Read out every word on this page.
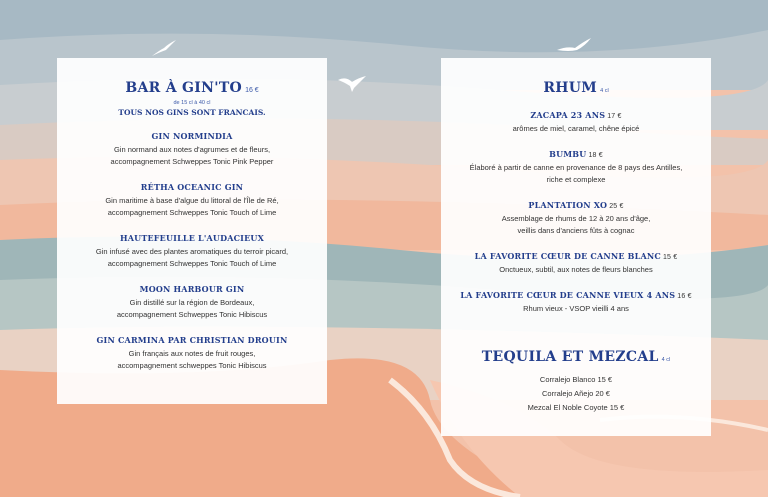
BAR À GIN'TO 16 €
de 15 cl à 40 cl
TOUS NOS GINS SONT FRANCAIS.
GIN NORMINDIA
Gin normand aux notes d'agrumes et de fleurs,
accompagnement Schweppes Tonic Pink Pepper
RÉTHA OCEANIC GIN
Gin maritime à base d'algue du littoral de l'Île de Ré,
accompagnement Schweppes Tonic Touch of Lime
HAUTEFEUILLE L'AUDACIEUX
Gin infusé avec des plantes aromatiques du terroir picard,
accompagnement Schweppes Tonic Touch of Lime
MOON HARBOUR GIN
Gin distillé sur la région de Bordeaux,
accompagnement Schweppes Tonic Hibiscus
GIN CARMINA PAR CHRISTIAN DROUIN
Gin français aux notes de fruit rouges,
accompagnement schweppes Tonic Hibiscus
RHUM 4 cl
ZACAPA 23 ANS 17 €
arômes de miel, caramel, chêne épicé
BUMBU 18 €
Élaboré à partir de canne en provenance de 8 pays des Antilles,
riche et complexe
PLANTATION XO 25 €
Assemblage de rhums de 12 à 20 ans d'âge,
veillis dans d'anciens fûts à cognac
LA FAVORITE CŒUR DE CANNE BLANC 15 €
Onctueux, subtil, aux notes de fleurs blanches
LA FAVORITE CŒUR DE CANNE VIEUX 4 ANS 16 €
Rhum vieux - VSOP vieilli 4 ans
TEQUILA ET MEZCAL 4 cl
Corralejo Blanco 15 €
Corralejo Añejo 20 €
Mezcal El Noble Coyote 15 €
